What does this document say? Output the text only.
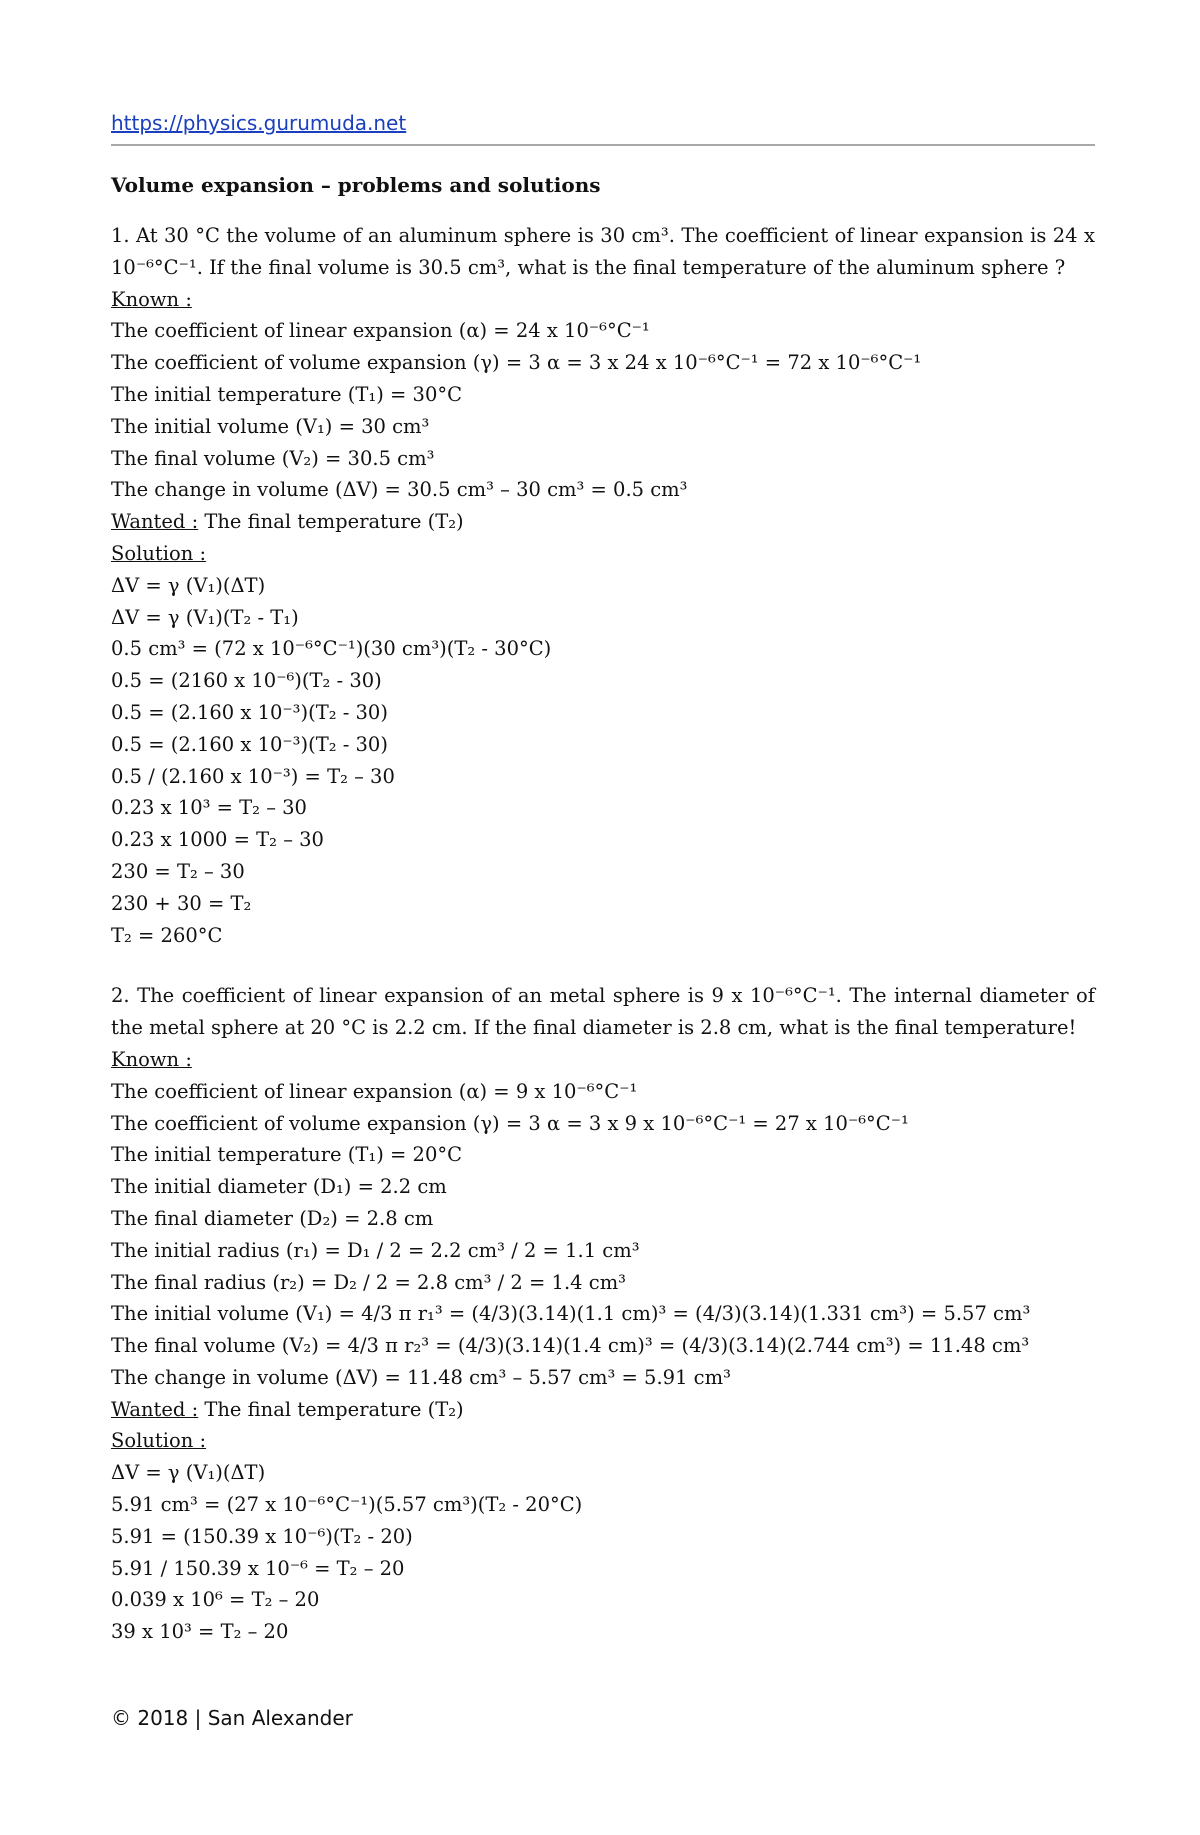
https://physics.gurumuda.net
Volume expansion – problems and solutions
1. At 30 °C the volume of an aluminum sphere is 30 cm³. The coefficient of linear expansion is 24 x 10⁻⁶°C⁻¹. If the final volume is 30.5 cm³, what is the final temperature of the aluminum sphere ?
Known :
The coefficient of linear expansion (α) = 24 x 10⁻⁶°C⁻¹
The coefficient of volume expansion (γ) = 3 α = 3 x 24 x 10⁻⁶°C⁻¹ = 72 x 10⁻⁶°C⁻¹
The initial temperature (T₁) = 30°C
The initial volume (V₁) = 30 cm³
The final volume (V₂) = 30.5 cm³
The change in volume (ΔV) = 30.5 cm³ – 30 cm³ = 0.5 cm³
Wanted : The final temperature (T₂)
Solution :
ΔV = γ (V₁)(ΔT)
ΔV = γ (V₁)(T₂ - T₁)
0.5 cm³ = (72 x 10⁻⁶°C⁻¹)(30 cm³)(T₂ - 30°C)
0.5 = (2160 x 10⁻⁶)(T₂ - 30)
0.5 = (2.160 x 10⁻³)(T₂ - 30)
0.5 = (2.160 x 10⁻³)(T₂ - 30)
0.5 / (2.160 x 10⁻³) = T₂ – 30
0.23 x 10³ = T₂ – 30
0.23 x 1000 = T₂ – 30
230 = T₂ – 30
230 + 30 = T₂
T₂ = 260°C
2. The coefficient of linear expansion of an metal sphere is 9 x 10⁻⁶°C⁻¹. The internal diameter of the metal sphere at 20 °C is 2.2 cm. If the final diameter is 2.8 cm, what is the final temperature!
Known :
The coefficient of linear expansion (α) = 9 x 10⁻⁶°C⁻¹
The coefficient of volume expansion (γ) = 3 α = 3 x 9 x 10⁻⁶°C⁻¹ = 27 x 10⁻⁶°C⁻¹
The initial temperature (T₁) = 20°C
The initial diameter (D₁) = 2.2 cm
The final diameter (D₂) = 2.8 cm
The initial radius (r₁) = D₁ / 2 = 2.2 cm³ / 2 = 1.1 cm³
The final radius (r₂) = D₂ / 2 = 2.8 cm³ / 2 = 1.4 cm³
The initial volume (V₁) = 4/3 π r₁³ = (4/3)(3.14)(1.1 cm)³ = (4/3)(3.14)(1.331 cm³) = 5.57 cm³
The final volume (V₂) = 4/3 π r₂³ = (4/3)(3.14)(1.4 cm)³ = (4/3)(3.14)(2.744 cm³) = 11.48 cm³
The change in volume (ΔV) = 11.48 cm³ – 5.57 cm³ = 5.91 cm³
Wanted : The final temperature (T₂)
Solution :
ΔV = γ (V₁)(ΔT)
5.91 cm³ = (27 x 10⁻⁶°C⁻¹)(5.57 cm³)(T₂ - 20°C)
5.91 = (150.39 x 10⁻⁶)(T₂ - 20)
5.91 / 150.39 x 10⁻⁶ = T₂ – 20
0.039 x 10⁶ = T₂ – 20
39 x 10³ = T₂ – 20
© 2018 | San Alexander
